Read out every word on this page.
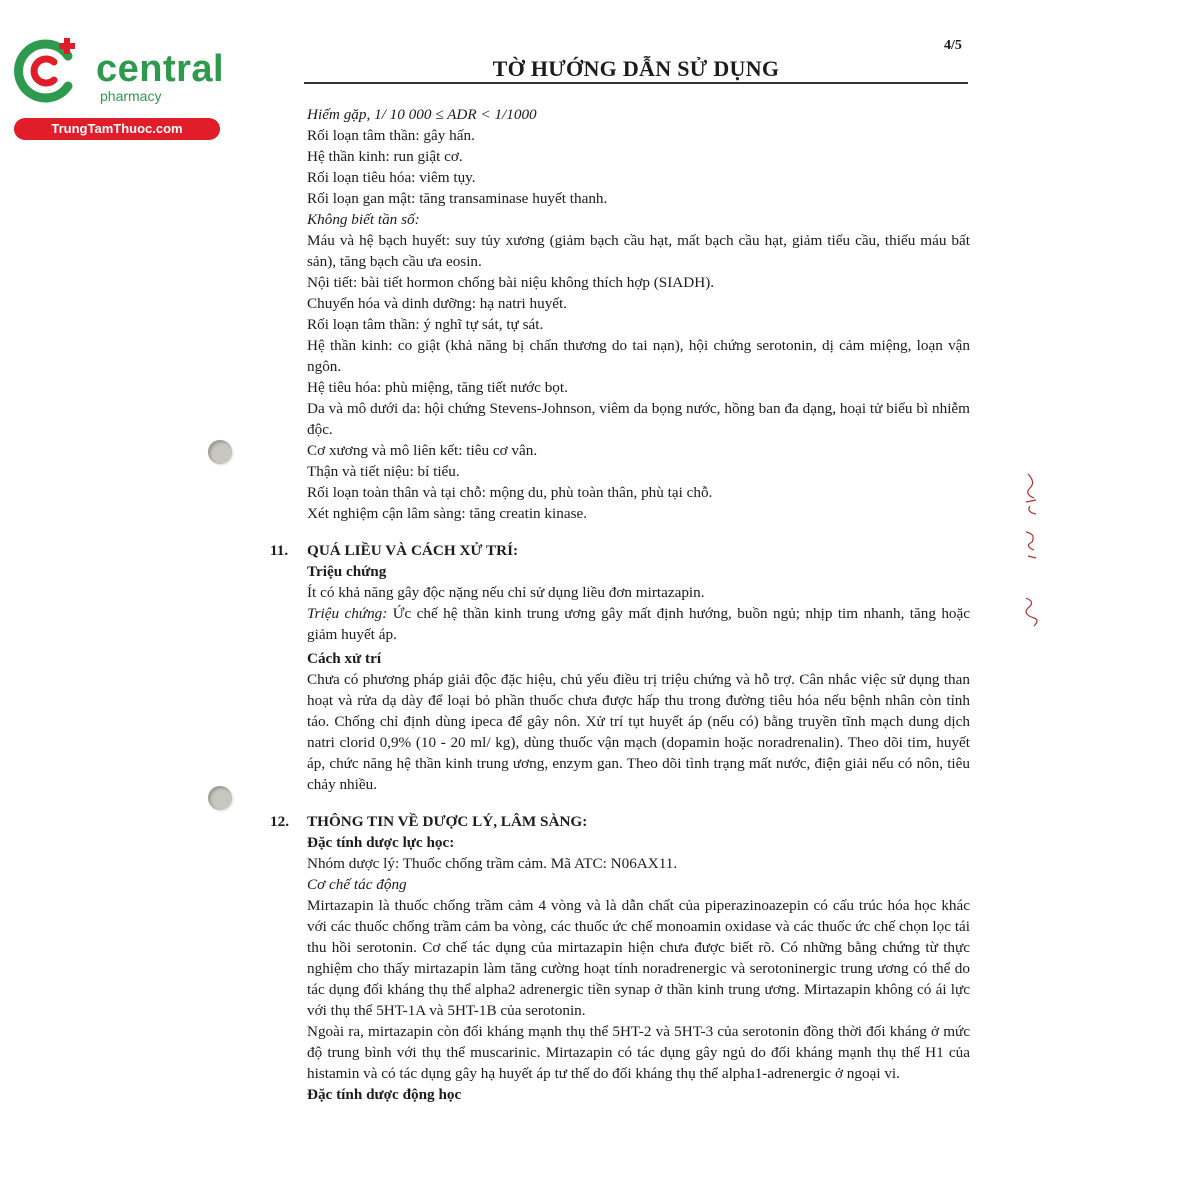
central
pharmacy
TrungTamThuoc.com
4/5
TỜ HƯỚNG DẪN SỬ DỤNG
Hiếm gặp, 1/ 10 000 ≤ ADR < 1/1000
Rối loạn tâm thần: gây hấn.
Hệ thần kinh: run giật cơ.
Rối loạn tiêu hóa: viêm tụy.
Rối loạn gan mật: tăng transaminase huyết thanh.
Không biết tần số:
Máu và hệ bạch huyết: suy tủy xương (giảm bạch cầu hạt, mất bạch cầu hạt, giảm tiểu cầu, thiếu máu bất sản), tăng bạch cầu ưa eosin.
Nội tiết: bài tiết hormon chống bài niệu không thích hợp (SIADH).
Chuyển hóa và dinh dưỡng: hạ natri huyết.
Rối loạn tâm thần: ý nghĩ tự sát, tự sát.
Hệ thần kinh: co giật (khả năng bị chấn thương do tai nạn), hội chứng serotonin, dị cảm miệng, loạn vận ngôn.
Hệ tiêu hóa: phù miệng, tăng tiết nước bọt.
Da và mô dưới da: hội chứng Stevens-Johnson, viêm da bọng nước, hồng ban đa dạng, hoại tử biểu bì nhiễm độc.
Cơ xương và mô liên kết: tiêu cơ vân.
Thận và tiết niệu: bí tiểu.
Rối loạn toàn thân và tại chỗ: mộng du, phù toàn thân, phù tại chỗ.
Xét nghiệm cận lâm sàng: tăng creatin kinase.
11.	QUÁ LIỀU VÀ CÁCH XỬ TRÍ:
Triệu chứng
Ít có khả năng gây độc nặng nếu chỉ sử dụng liều đơn mirtazapin.
Triệu chứng: Ức chế hệ thần kinh trung ương gây mất định hướng, buồn ngủ; nhịp tim nhanh, tăng hoặc giảm huyết áp.
Cách xử trí
Chưa có phương pháp giải độc đặc hiệu, chủ yếu điều trị triệu chứng và hỗ trợ. Cân nhắc việc sử dụng than hoạt và rửa dạ dày để loại bỏ phần thuốc chưa được hấp thu trong đường tiêu hóa nếu bệnh nhân còn tỉnh táo. Chống chỉ định dùng ipeca để gây nôn. Xử trí tụt huyết áp (nếu có) bằng truyền tĩnh mạch dung dịch natri clorid 0,9% (10 - 20 ml/ kg), dùng thuốc vận mạch (dopamin hoặc noradrenalin). Theo dõi tim, huyết áp, chức năng hệ thần kinh trung ương, enzym gan. Theo dõi tình trạng mất nước, điện giải nếu có nôn, tiêu chảy nhiều.
12.	THÔNG TIN VỀ DƯỢC LÝ, LÂM SÀNG:
Đặc tính dược lực học:
Nhóm dược lý: Thuốc chống trầm cảm. Mã ATC: N06AX11.
Cơ chế tác động
Mirtazapin là thuốc chống trầm cảm 4 vòng và là dẫn chất của piperazinoazepin có cấu trúc hóa học khác với các thuốc chống trầm cảm ba vòng, các thuốc ức chế monoamin oxidase và các thuốc ức chế chọn lọc tái thu hồi serotonin. Cơ chế tác dụng của mirtazapin hiện chưa được biết rõ. Có những bằng chứng từ thực nghiệm cho thấy mirtazapin làm tăng cường hoạt tính noradrenergic và serotoninergic trung ương có thể do tác dụng đối kháng thụ thể alpha2 adrenergic tiền synap ở thần kinh trung ương. Mirtazapin không có ái lực với thụ thể 5HT-1A và 5HT-1B của serotonin.
Ngoài ra, mirtazapin còn đối kháng mạnh thụ thể 5HT-2 và 5HT-3 của serotonin đồng thời đối kháng ở mức độ trung bình với thụ thể muscarinic. Mirtazapin có tác dụng gây ngủ do đối kháng mạnh thụ thể H1 của histamin và có tác dụng gây hạ huyết áp tư thế do đối kháng thụ thể alpha1-adrenergic ở ngoại vi.
Đặc tính dược động học
